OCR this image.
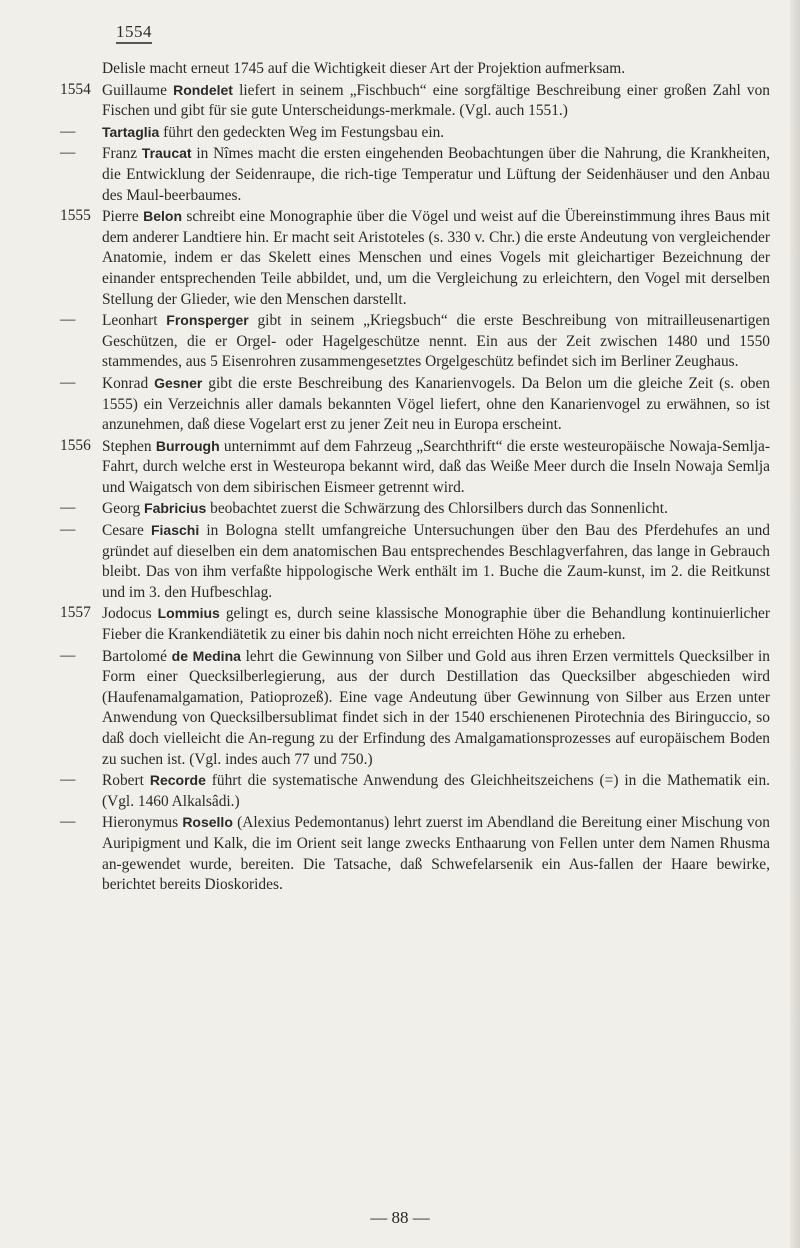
1554
Delisle macht erneut 1745 auf die Wichtigkeit dieser Art der Projektion aufmerksam.
1554 Guillaume Rondelet liefert in seinem „Fischbuch“ eine sorgfältige Beschreibung einer großen Zahl von Fischen und gibt für sie gute Unterscheidungs-merkmale. (Vgl. auch 1551.)
—	Tartaglia führt den gedeckten Weg im Festungsbau ein.
—	Franz Traucat in Nîmes macht die ersten eingehenden Beobachtungen über die Nahrung, die Krankheiten, die Entwicklung der Seidenraupe, die rich-tige Temperatur und Lüftung der Seidenhäuser und den Anbau des Maul-beerbaumes.
1555 Pierre Belon schreibt eine Monographie über die Vögel und weist auf die Übereinstimmung ihres Baus mit dem anderer Landtiere hin. Er macht seit Aristoteles (s. 330 v. Chr.) die erste Andeutung von vergleichender Anatomie, indem er das Skelett eines Menschen und eines Vogels mit gleichartiger Bezeichnung der einander entsprechenden Teile abbildet, und, um die Vergleichung zu erleichtern, den Vogel mit derselben Stellung der Glieder, wie den Menschen darstellt.
—	Leonhart Fronsperger gibt in seinem „Kriegsbuch“ die erste Beschreibung von mitrailleusenartigen Geschützen, die er Orgel- oder Hagelgeschütze nennt. Ein aus der Zeit zwischen 1480 und 1550 stammendes, aus 5 Eisenrohren zusammengesetztes Orgelgeschütz befindet sich im Berliner Zeughaus.
—	Konrad Gesner gibt die erste Beschreibung des Kanarienvogels. Da Belon um die gleiche Zeit (s. oben 1555) ein Verzeichnis aller damals bekannten Vögel liefert, ohne den Kanarienvogel zu erwähnen, so ist anzunehmen, daß diese Vogelart erst zu jener Zeit neu in Europa erscheint.
1556 Stephen Burrough unternimmt auf dem Fahrzeug „Searchthrift“ die erste westeuropäische Nowaja-Semlja-Fahrt, durch welche erst in Westeuropa bekannt wird, daß das Weiße Meer durch die Inseln Nowaja Semlja und Waigatsch von dem sibirischen Eismeer getrennt wird.
—	Georg Fabricius beobachtet zuerst die Schwärzung des Chlorsilbers durch das Sonnenlicht.
—	Cesare Fiaschi in Bologna stellt umfangreiche Untersuchungen über den Bau des Pferdehufes an und gründet auf dieselben ein dem anatomischen Bau entsprechendes Beschlagverfahren, das lange in Gebrauch bleibt. Das von ihm verfaßte hippologische Werk enthält im 1. Buche die Zaum-kunst, im 2. die Reitkunst und im 3. den Hufbeschlag.
1557 Jodocus Lommius gelingt es, durch seine klassische Monographie über die Behandlung kontinuierlicher Fieber die Krankendiätetik zu einer bis dahin noch nicht erreichten Höhe zu erheben.
—	Bartolomé de Medina lehrt die Gewinnung von Silber und Gold aus ihren Erzen vermittels Quecksilber in Form einer Quecksilberlegierung, aus der durch Destillation das Quecksilber abgeschieden wird (Haufenamalgamation, Patioprozeß). Eine vage Andeutung über Gewinnung von Silber aus Erzen unter Anwendung von Quecksilbersublimat findet sich in der 1540 erschienenen Pirotechnia des Biringuccio, so daß doch vielleicht die An-regung zu der Erfindung des Amalgamationsprozesses auf europäischem Boden zu suchen ist. (Vgl. indes auch 77 und 750.)
—	Robert Recorde führt die systematische Anwendung des Gleichheitszeichens (=) in die Mathematik ein. (Vgl. 1460 Alkalsâdi.)
—	Hieronymus Rosello (Alexius Pedemontanus) lehrt zuerst im Abendland die Bereitung einer Mischung von Auripigment und Kalk, die im Orient seit lange zwecks Enthaarung von Fellen unter dem Namen Rhusma an-gewendet wurde, bereiten. Die Tatsache, daß Schwefelarsenik ein Aus-fallen der Haare bewirke, berichtet bereits Dioskorides.
— 88 —
